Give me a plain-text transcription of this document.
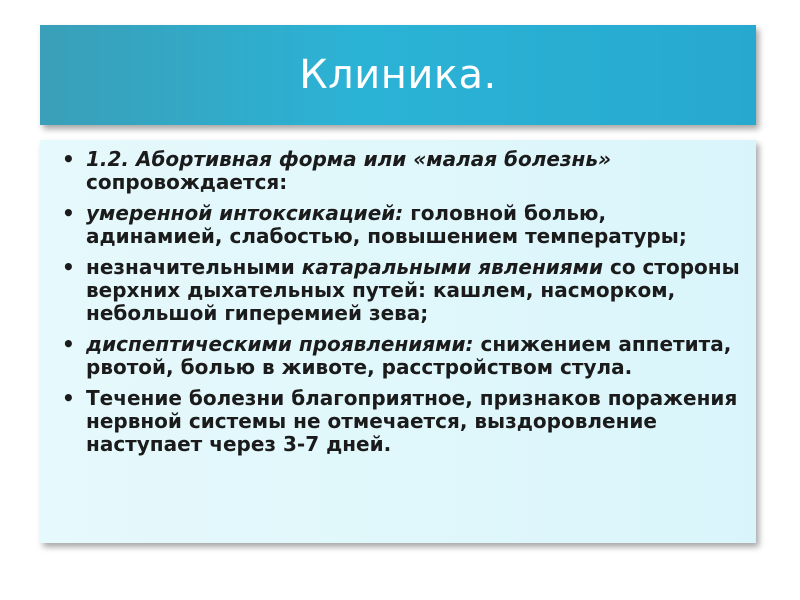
Клиника.
• 1.2. Абортивная форма или «малая болезнь» сопровождается:
• умеренной интоксикацией: головной болью, адинамией, слабостью, повышением температуры;
• незначительными катаральными явлениями со стороны верхних дыхательных путей: кашлем, насморком, небольшой гиперемией зева;
• диспептическими проявлениями: снижением аппетита, рвотой, болью в животе, расстройством стула.
• Течение болезни благоприятное, признаков поражения нервной системы не отмечается, выздоровление наступает через 3-7 дней.
